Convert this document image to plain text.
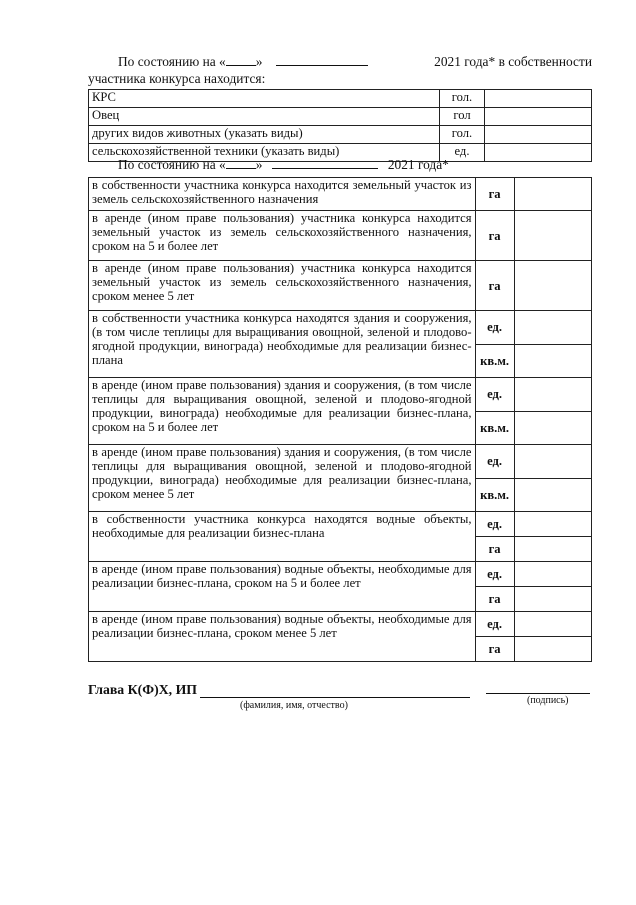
По состоянию на « »	2021 года* в собственности
участника конкурса находится:
КРС	гол.	
Овец	гол	
других видов животных (указать виды)	гол.	
сельскохозяйственной техники (указать виды)	ед.	
По состоянию на « »	2021 года*
в собственности участника конкурса находится земельный участок из земель сельскохозяйственного назначения	га	

в аренде (ином праве пользования) участника конкурса находится земельный участок из земель сельскохозяйственного назначения, сроком на 5 и более лет	га	

в аренде (ином праве пользования) участника конкурса находится земельный участок из земель сельскохозяйственного назначения, сроком менее 5 лет	га	

в собственности участника конкурса находятся здания и сооружения, (в том числе теплицы для выращивания овощной, зеленой и плодово-ягодной продукции, винограда) необходимые для реализации бизнес-плана	ед.
кв.м.	

в аренде (ином праве пользования) здания и сооружения, (в том числе теплицы для выращивания овощной, зеленой и плодово-ягодной продукции, винограда) необходимые для реализации бизнес-плана, сроком на 5 и более лет	ед.
кв.м.	

в аренде (ином праве пользования) здания и сооружения, (в том числе теплицы для выращивания овощной, зеленой и плодово-ягодной продукции, винограда) необходимые для реализации бизнес-плана, сроком менее 5 лет	ед.
кв.м.	

в собственности участника конкурса находятся водные объекты, необходимые для реализации бизнес-плана	ед.
га	

в аренде (ином праве пользования) водные объекты, необходимые для реализации бизнес-плана, сроком на 5 и более лет	ед.
га	

в аренде (ином праве пользования) водные объекты, необходимые для реализации бизнес-плана, сроком менее 5 лет	ед.
га	

Глава К(Ф)Х, ИП
(фамилия, имя, отчество)	(подпись)
